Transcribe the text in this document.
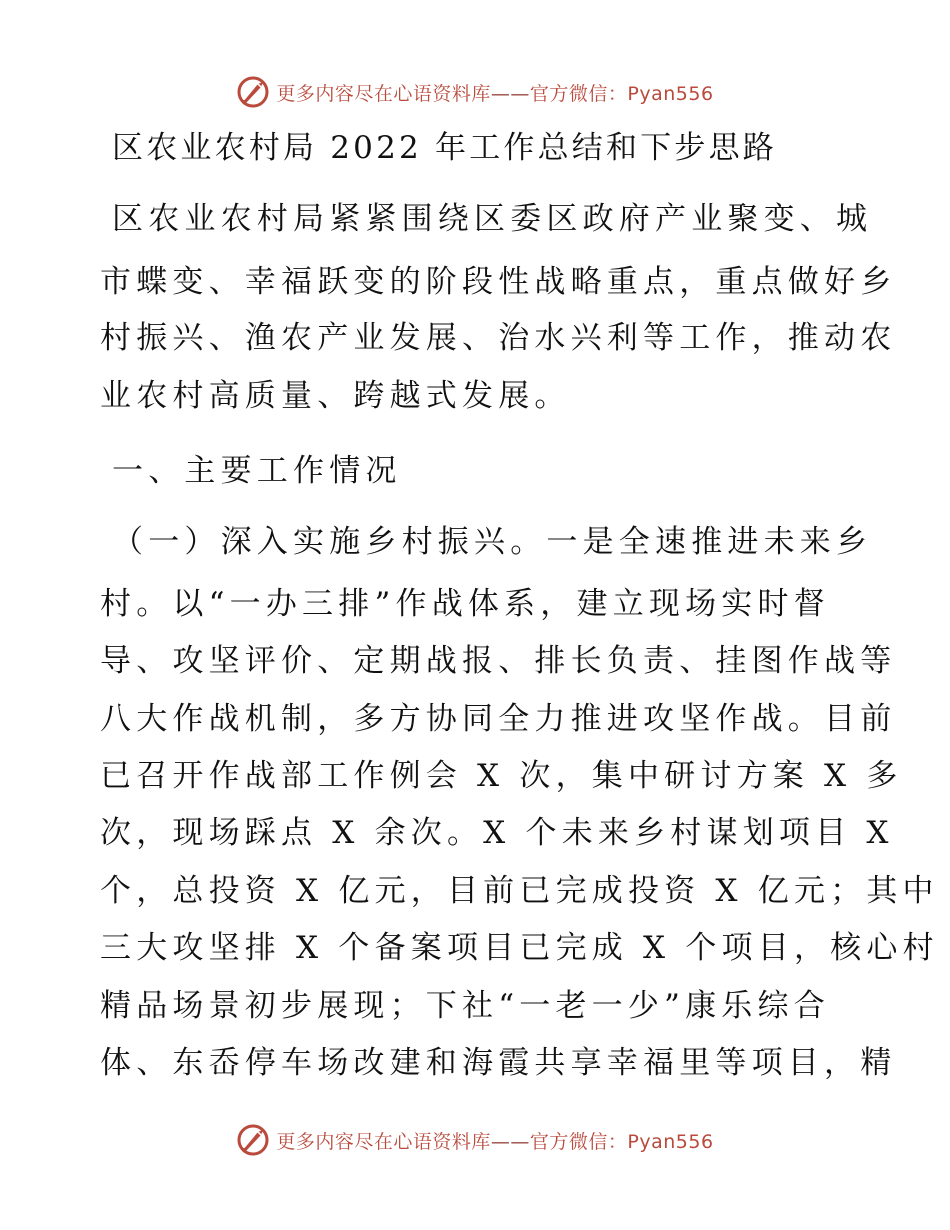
更多内容尽在心语资料库——官方微信：Pyan556
区农业农村局 2022 年工作总结和下步思路
区农业农村局紧紧围绕区委区政府产业聚变、城
市蝶变、幸福跃变的阶段性战略重点，重点做好乡
村振兴、渔农产业发展、治水兴利等工作，推动农
业农村高质量、跨越式发展。
一、主要工作情况
（一）深入实施乡村振兴。一是全速推进未来乡
村。以“一办三排”作战体系，建立现场实时督
导、攻坚评价、定期战报、排长负责、挂图作战等
八大作战机制，多方协同全力推进攻坚作战。目前
已召开作战部工作例会 X 次，集中研讨方案 X 多
次，现场踩点 X 余次。X 个未来乡村谋划项目 X
个，总投资 X 亿元，目前已完成投资 X 亿元；其中
三大攻坚排 X 个备案项目已完成 X 个项目，核心村
精品场景初步展现；下社“一老一少”康乐综合
体、东岙停车场改建和海霞共享幸福里等项目，精
更多内容尽在心语资料库——官方微信：Pyan556
